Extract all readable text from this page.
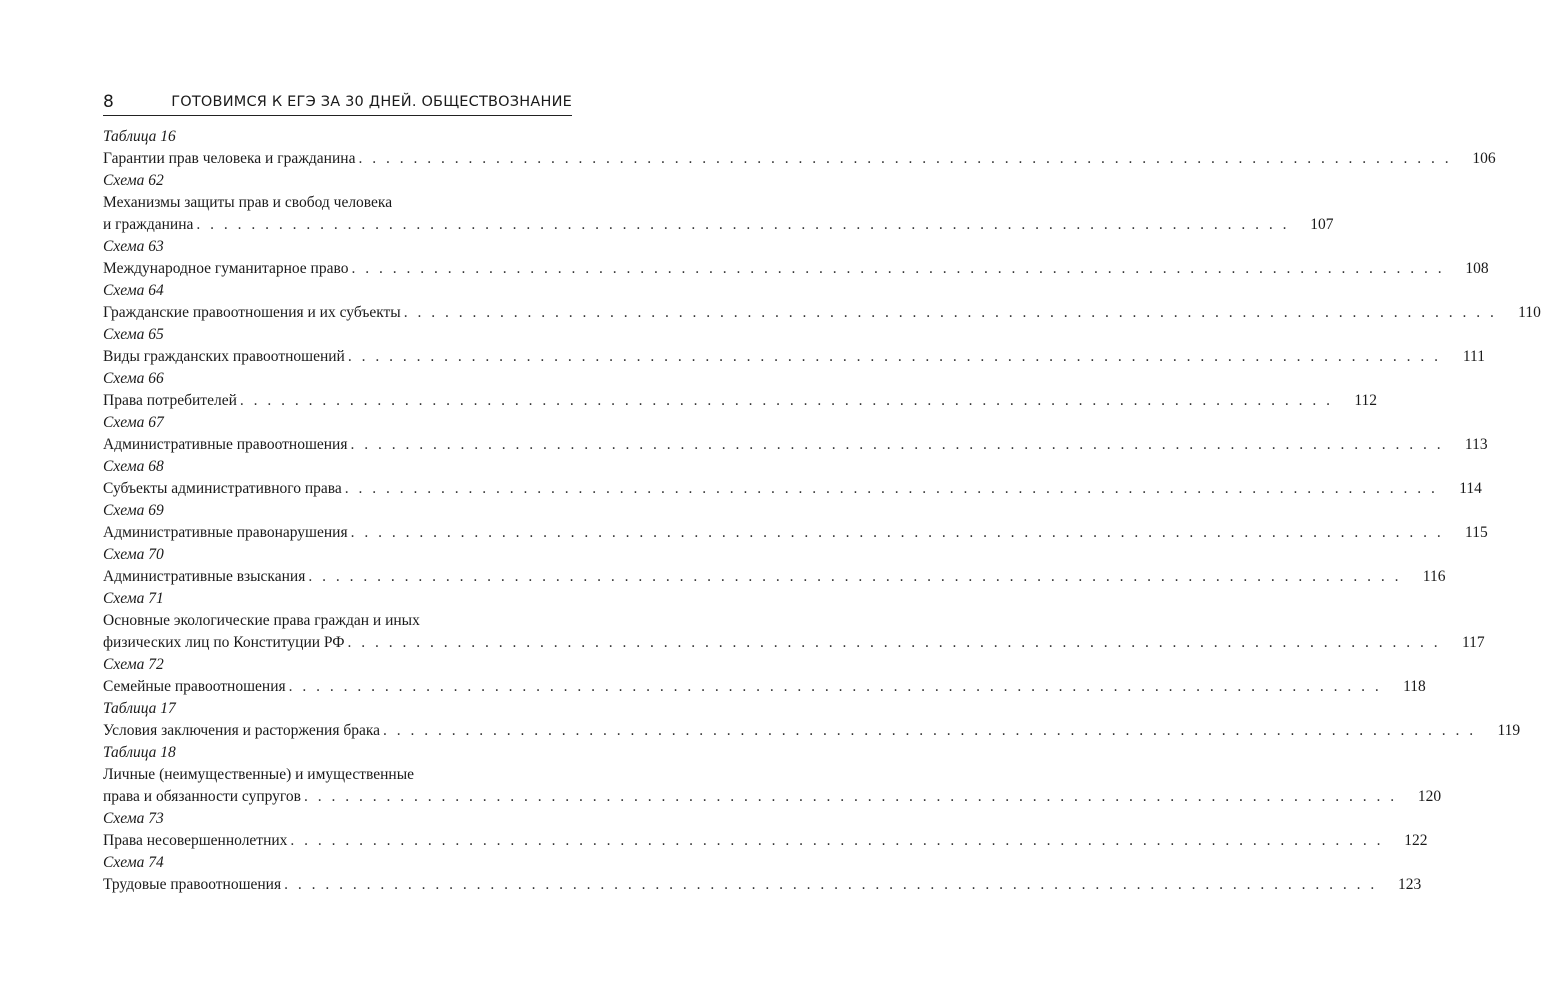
8	ГОТОВИМСЯ К ЕГЭ ЗА 30 ДНЕЙ. ОБЩЕСТВОЗНАНИЕ
Таблица 16
Гарантии прав человека и гражданина . . . . . . . . . . . . . . . . . . . . . . . . . . . . . . . . . . . . . . . . . . . . . . . . . . . . . . . . . . . . . . . . . . . . . . . . . . . . . . . .	106
Схема 62
Механизмы защиты прав и свобод человека
и гражданина . . . . . . . . . . . . . . . . . . . . . . . . . . . . . . . . . . . . . . . . . . . . . . . . . . . . . . . . . . . . . . . . . . . . . . . . . . . . . . . .	107
Схема 63
Международное гуманитарное право . . . . . . . . . . . . . . . . . . . . . . . . . . . . . . . . . . . . . . . . . . . . . . . . . . . . . . . . . . . . . . . . . . . . . . . . . . . . . . . .	108
Схема 64
Гражданские правоотношения и их субъекты . . . . . . . . . . . . . . . . . . . . . . . . . . . . . . . . . . . . . . . . . . . . . . . . . . . . . . . . . . . . . . . . . . . . . . . . . . . . . . . .	110
Схема 65
Виды гражданских правоотношений . . . . . . . . . . . . . . . . . . . . . . . . . . . . . . . . . . . . . . . . . . . . . . . . . . . . . . . . . . . . . . . . . . . . . . . . . . . . . . . .	111
Схема 66
Права потребителей . . . . . . . . . . . . . . . . . . . . . . . . . . . . . . . . . . . . . . . . . . . . . . . . . . . . . . . . . . . . . . . . . . . . . . . . . . . . . . . .	112
Схема 67
Административные правоотношения . . . . . . . . . . . . . . . . . . . . . . . . . . . . . . . . . . . . . . . . . . . . . . . . . . . . . . . . . . . . . . . . . . . . . . . . . . . . . . . .	113
Схема 68
Субъекты административного права . . . . . . . . . . . . . . . . . . . . . . . . . . . . . . . . . . . . . . . . . . . . . . . . . . . . . . . . . . . . . . . . . . . . . . . . . . . . . . . .	114
Схема 69
Административные правонарушения . . . . . . . . . . . . . . . . . . . . . . . . . . . . . . . . . . . . . . . . . . . . . . . . . . . . . . . . . . . . . . . . . . . . . . . . . . . . . . . .	115
Схема 70
Административные взыскания . . . . . . . . . . . . . . . . . . . . . . . . . . . . . . . . . . . . . . . . . . . . . . . . . . . . . . . . . . . . . . . . . . . . . . . . . . . . . . . .	116
Схема 71
Основные экологические права граждан и иных
физических лиц по Конституции РФ . . . . . . . . . . . . . . . . . . . . . . . . . . . . . . . . . . . . . . . . . . . . . . . . . . . . . . . . . . . . . . . . . . . . . . . . . . . . . . . .	117
Схема 72
Семейные правоотношения . . . . . . . . . . . . . . . . . . . . . . . . . . . . . . . . . . . . . . . . . . . . . . . . . . . . . . . . . . . . . . . . . . . . . . . . . . . . . . . .	118
Таблица 17
Условия заключения и расторжения брака . . . . . . . . . . . . . . . . . . . . . . . . . . . . . . . . . . . . . . . . . . . . . . . . . . . . . . . . . . . . . . . . . . . . . . . . . . . . . . . .	119
Таблица 18
Личные (неимущественные) и имущественные
права и обязанности супругов . . . . . . . . . . . . . . . . . . . . . . . . . . . . . . . . . . . . . . . . . . . . . . . . . . . . . . . . . . . . . . . . . . . . . . . . . . . . . . . .	120
Схема 73
Права несовершеннолетних . . . . . . . . . . . . . . . . . . . . . . . . . . . . . . . . . . . . . . . . . . . . . . . . . . . . . . . . . . . . . . . . . . . . . . . . . . . . . . . .	122
Схема 74
Трудовые правоотношения . . . . . . . . . . . . . . . . . . . . . . . . . . . . . . . . . . . . . . . . . . . . . . . . . . . . . . . . . . . . . . . . . . . . . . . . . . . . . . . .	123
